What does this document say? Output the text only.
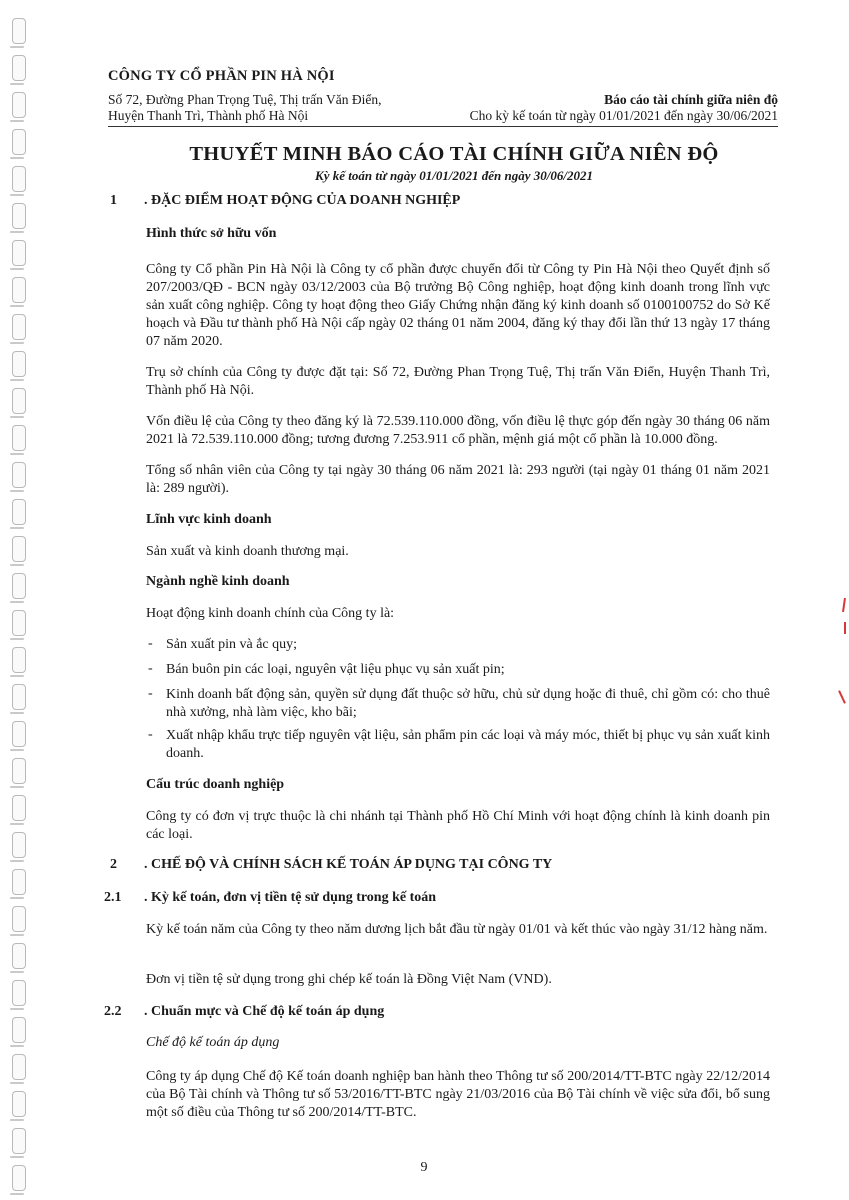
CÔNG TY CỔ PHẦN PIN HÀ NỘI
Số 72, Đường Phan Trọng Tuệ, Thị trấn Văn Điển,
Huyện Thanh Trì, Thành phố Hà Nội
Báo cáo tài chính giữa niên độ
Cho kỳ kế toán từ ngày 01/01/2021 đến ngày 30/06/2021
THUYẾT MINH BÁO CÁO TÀI CHÍNH GIỮA NIÊN ĐỘ
Kỳ kế toán từ ngày 01/01/2021 đến ngày 30/06/2021
1 . ĐẶC ĐIỂM HOẠT ĐỘNG CỦA DOANH NGHIỆP
Hình thức sở hữu vốn
Công ty Cổ phần Pin Hà Nội là Công ty cổ phần được chuyển đổi từ Công ty Pin Hà Nội theo Quyết định số 207/2003/QĐ - BCN ngày 03/12/2003 của Bộ trưởng Bộ Công nghiệp, hoạt động kinh doanh trong lĩnh vực sản xuất công nghiệp. Công ty hoạt động theo Giấy Chứng nhận đăng ký kinh doanh số 0100100752 do Sở Kế hoạch và Đầu tư thành phố Hà Nội cấp ngày 02 tháng 01 năm 2004, đăng ký thay đổi lần thứ 13 ngày 17 tháng 07 năm 2020.
Trụ sở chính của Công ty được đặt tại: Số 72, Đường Phan Trọng Tuệ, Thị trấn Văn Điển, Huyện Thanh Trì, Thành phố Hà Nội.
Vốn điều lệ của Công ty theo đăng ký là 72.539.110.000 đồng, vốn điều lệ thực góp đến ngày 30 tháng 06 năm 2021 là 72.539.110.000 đồng; tương đương 7.253.911 cổ phần, mệnh giá một cổ phần là 10.000 đồng.
Tổng số nhân viên của Công ty tại ngày 30 tháng 06 năm 2021 là: 293 người (tại ngày 01 tháng 01 năm 2021 là: 289 người).
Lĩnh vực kinh doanh
Sản xuất và kinh doanh thương mại.
Ngành nghề kinh doanh
Hoạt động kinh doanh chính của Công ty là:
- Sản xuất pin và ắc quy;
- Bán buôn pin các loại, nguyên vật liệu phục vụ sản xuất pin;
- Kinh doanh bất động sản, quyền sử dụng đất thuộc sở hữu, chủ sử dụng hoặc đi thuê, chỉ gồm có: cho thuê nhà xưởng, nhà làm việc, kho bãi;
- Xuất nhập khẩu trực tiếp nguyên vật liệu, sản phẩm pin các loại và máy móc, thiết bị phục vụ sản xuất kinh doanh.
Cấu trúc doanh nghiệp
Công ty có đơn vị trực thuộc là chi nhánh tại Thành phố Hồ Chí Minh với hoạt động chính là kinh doanh pin các loại.
2 . CHẾ ĐỘ VÀ CHÍNH SÁCH KẾ TOÁN ÁP DỤNG TẠI CÔNG TY
2.1 . Kỳ kế toán, đơn vị tiền tệ sử dụng trong kế toán
Kỳ kế toán năm của Công ty theo năm dương lịch bắt đầu từ ngày 01/01 và kết thúc vào ngày 31/12 hàng năm.
Đơn vị tiền tệ sử dụng trong ghi chép kế toán là Đồng Việt Nam (VND).
2.2 . Chuẩn mực và Chế độ kế toán áp dụng
Chế độ kế toán áp dụng
Công ty áp dụng Chế độ Kế toán doanh nghiệp ban hành theo Thông tư số 200/2014/TT-BTC ngày 22/12/2014 của Bộ Tài chính và Thông tư số 53/2016/TT-BTC ngày 21/03/2016 của Bộ Tài chính về việc sửa đổi, bổ sung một số điều của Thông tư số 200/2014/TT-BTC.
9
